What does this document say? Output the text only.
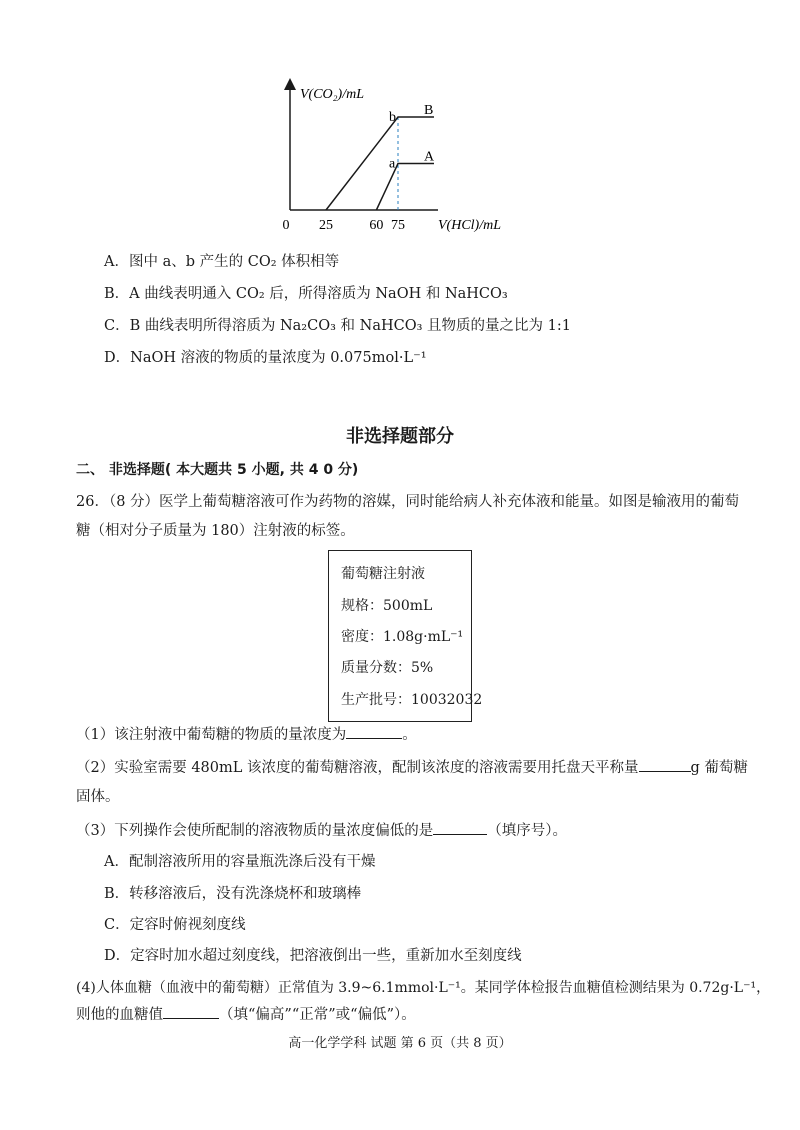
V(CO₂)/mL
V(HCl)/mL
0 25	60 75
b B
a A
A．图中 a、b 产生的 CO₂ 体积相等
B．A 曲线表明通入 CO₂ 后，所得溶质为 NaOH 和 NaHCO₃
C．B 曲线表明所得溶质为 Na₂CO₃ 和 NaHCO₃ 且物质的量之比为 1:1
D．NaOH 溶液的物质的量浓度为 0.075mol·L⁻¹
非选择题部分
二、 非选择题( 本大题共 5 小题, 共 4 0 分)
26．（8 分）医学上葡萄糖溶液可作为药物的溶媒，同时能给病人补充体液和能量。如图是输液用的葡萄
糖（相对分子质量为 180）注射液的标签。
葡萄糖注射液
规格：500mL
密度：1.08g·mL⁻¹
质量分数：5%
生产批号：10032032
（1）该注射液中葡萄糖的物质的量浓度为	。
（2）实验室需要 480mL 该浓度的葡萄糖溶液，配制该浓度的溶液需要用托盘天平称量	g 葡萄糖
固体。
（3）下列操作会使所配制的溶液物质的量浓度偏低的是	（填序号）。
A．配制溶液所用的容量瓶洗涤后没有干燥
B．转移溶液后，没有洗涤烧杯和玻璃棒
C．定容时俯视刻度线
D．定容时加水超过刻度线，把溶液倒出一些，重新加水至刻度线
(4)人体血糖（血液中的葡萄糖）正常值为 3.9~6.1mmol·L⁻¹。某同学体检报告血糖值检测结果为 0.72g·L⁻¹，
则他的血糖值	（填“偏高”“正常”或“偏低”）。
高一化学学科 试题 第 6 页（共 8 页）
